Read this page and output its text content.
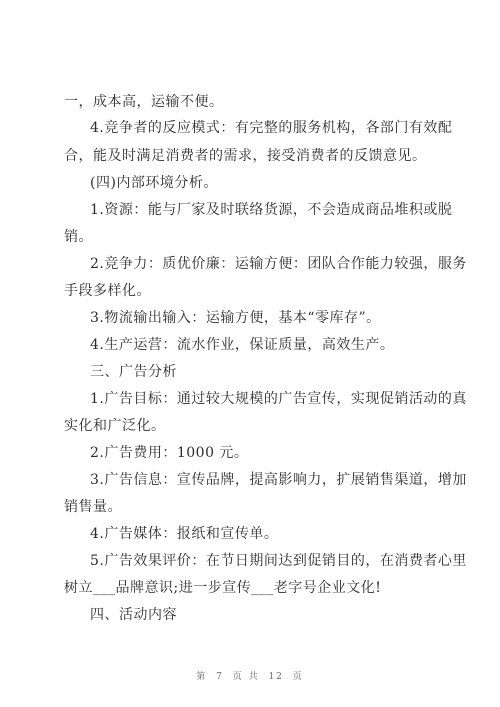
一，成本高，运输不便。
4.竞争者的反应模式：有完整的服务机构，各部门有效配
合，能及时满足消费者的需求，接受消费者的反馈意见。
(四)内部环境分析。
1.资源：能与厂家及时联络货源，不会造成商品堆积或脱
销。
2.竞争力：质优价廉：运输方便：团队合作能力较强，服务
手段多样化。
3.物流输出输入：运输方便，基本“零库存”。
4.生产运营：流水作业，保证质量，高效生产。
三、广告分析
1.广告目标：通过较大规模的广告宣传，实现促销活动的真
实化和广泛化。
2.广告费用：1000 元。
3.广告信息：宣传品牌，提高影响力，扩展销售渠道，增加
销售量。
4.广告媒体：报纸和宣传单。
5.广告效果评价：在节日期间达到促销目的，在消费者心里
树立___品牌意识;进一步宣传___老字号企业文化!
四、活动内容
第 7 页 共 12 页
